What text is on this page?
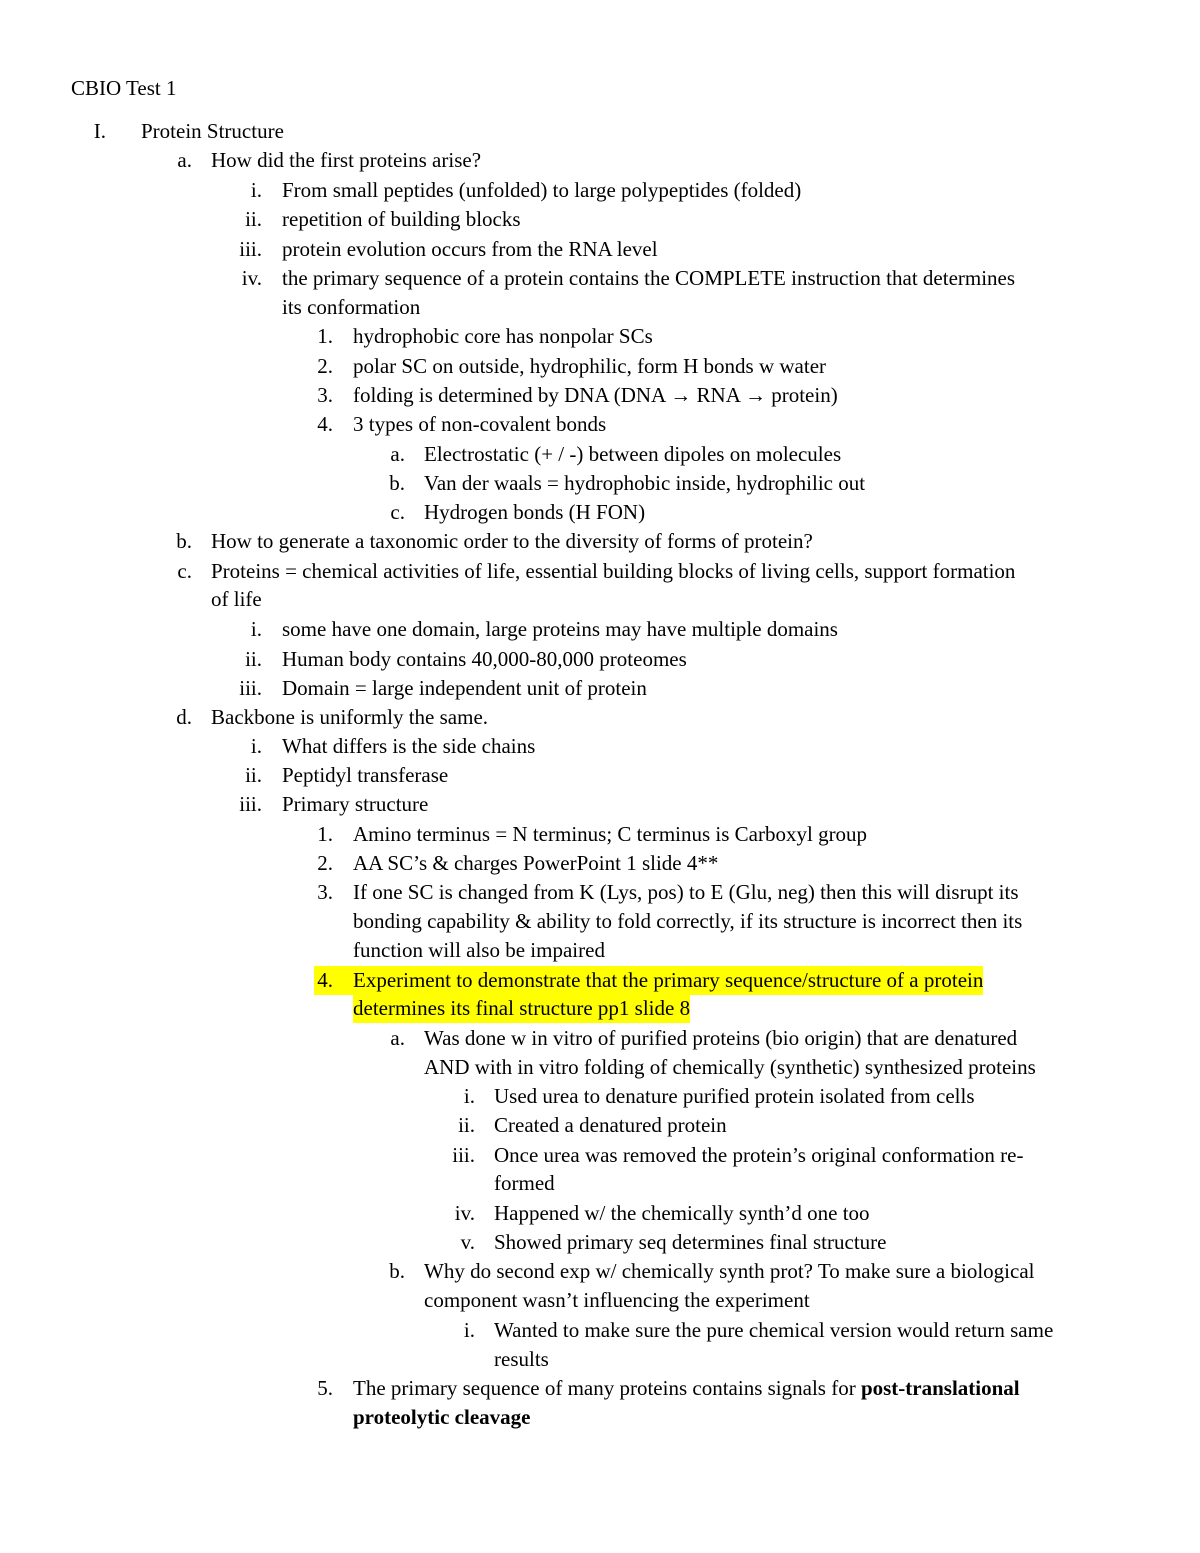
CBIO Test 1
I. Protein Structure
a. How did the first proteins arise?
i. From small peptides (unfolded) to large polypeptides (folded)
ii. repetition of building blocks
iii. protein evolution occurs from the RNA level
iv. the primary sequence of a protein contains the COMPLETE instruction that determines
its conformation
1. hydrophobic core has nonpolar SCs
2. polar SC on outside, hydrophilic, form H bonds w water
3. folding is determined by DNA (DNA → RNA → protein)
4. 3 types of non-covalent bonds
a. Electrostatic (+ / -) between dipoles on molecules
b. Van der waals = hydrophobic inside, hydrophilic out
c. Hydrogen bonds (H FON)
b. How to generate a taxonomic order to the diversity of forms of protein?
c. Proteins = chemical activities of life, essential building blocks of living cells, support formation
of life
i. some have one domain, large proteins may have multiple domains
ii. Human body contains 40,000-80,000 proteomes
iii. Domain = large independent unit of protein
d. Backbone is uniformly the same.
i. What differs is the side chains
ii. Peptidyl transferase
iii. Primary structure
1. Amino terminus = N terminus; C terminus is Carboxyl group
2. AA SC’s & charges PowerPoint 1 slide 4**
3. If one SC is changed from K (Lys, pos) to E (Glu, neg) then this will disrupt its
bonding capability & ability to fold correctly, if its structure is incorrect then its
function will also be impaired
4. Experiment to demonstrate that the primary sequence/structure of a protein
determines its final structure pp1 slide 8
a. Was done w in vitro of purified proteins (bio origin) that are denatured
AND with in vitro folding of chemically (synthetic) synthesized proteins
i. Used urea to denature purified protein isolated from cells
ii. Created a denatured protein
iii. Once urea was removed the protein’s original conformation re-
formed
iv. Happened w/ the chemically synth’d one too
v. Showed primary seq determines final structure
b. Why do second exp w/ chemically synth prot? To make sure a biological
component wasn’t influencing the experiment
i. Wanted to make sure the pure chemical version would return same
results
5. The primary sequence of many proteins contains signals for post-translational
proteolytic cleavage
